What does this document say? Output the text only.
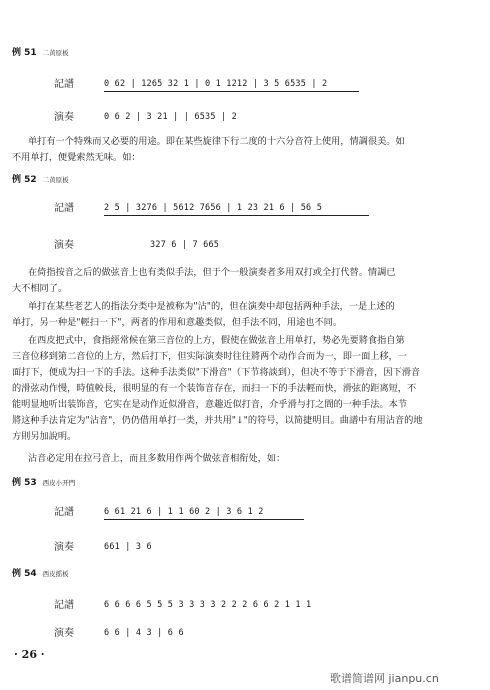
例 51 二黄原板
記譜	0 62 | 1265 32 1 | 0 1 1212 | 3 5 6535 | 2
演奏	0 6 2 | 3 21 | | 6535 | 2
单打有一个特殊而又必要的用途。即在某些旋律下行二度的十六分音符上使用，情調很美。如
不用单打，便覺索然无味。如：
例 52 二黄原板
記譜	2 5 | 3276 | 5612 7656 | 1 23 21 6 | 56 5
演奏	327 6 | 7 665
在倚指按音之后的做弦音上也有类似手法，但于个一般演奏者多用双打或全打代替。情調已
大不相同了。
单打在某些老艺人的指法分类中是被称为"沾"的，但在演奏中却包括两种手法，一是上述的
单打，另一种是"輕扫一下"，两者的作用和意趣类似，但手法不同，用途也不同。
在西皮把式中，食指經常候在第三音位的上方，假使在做弦音上用单打，势必先要將食指自第
三音位移到第二音位的上方，然后打下，但实际演奏时往往將两个动作合而为一，即一面上移，一
面打下，便成为扫一下的手法。这种手法类似"下滑音"（下节将談到），但决不等于下滑音，因下滑音
的滑弦动作慢，時值較長，很明显的有一个装饰音存在，而扫一下的手法輕而快，滑弦的距离短，不
能明显地听出装饰音，它实在是动作近似滑音，意趣近似打音，介乎滑与打之間的一种手法。本节
將这种手法肯定为"沾音"，仍仍借用单打一类，并共用"↓"的符号，以简捷明目。曲譜中有用沾音的地
方則另加說明。
沾音必定用在拉弓音上，而且多数用作两个做弦音相衔处，如：
例 53 西皮小开門
記譜	6 61 21 6 | 1 1 60 2 | 3 6 1 2
演奏	661 | 3 6
例 54 西皮摇板
記譜	6 6 6 6 5 5 5 3 3 3 3 2 2 2 6 6 2 1 1 1
演奏	6 6 | 4 3 | 6 6
· 26 ·
歌谱简谱网 jianpu.cn
